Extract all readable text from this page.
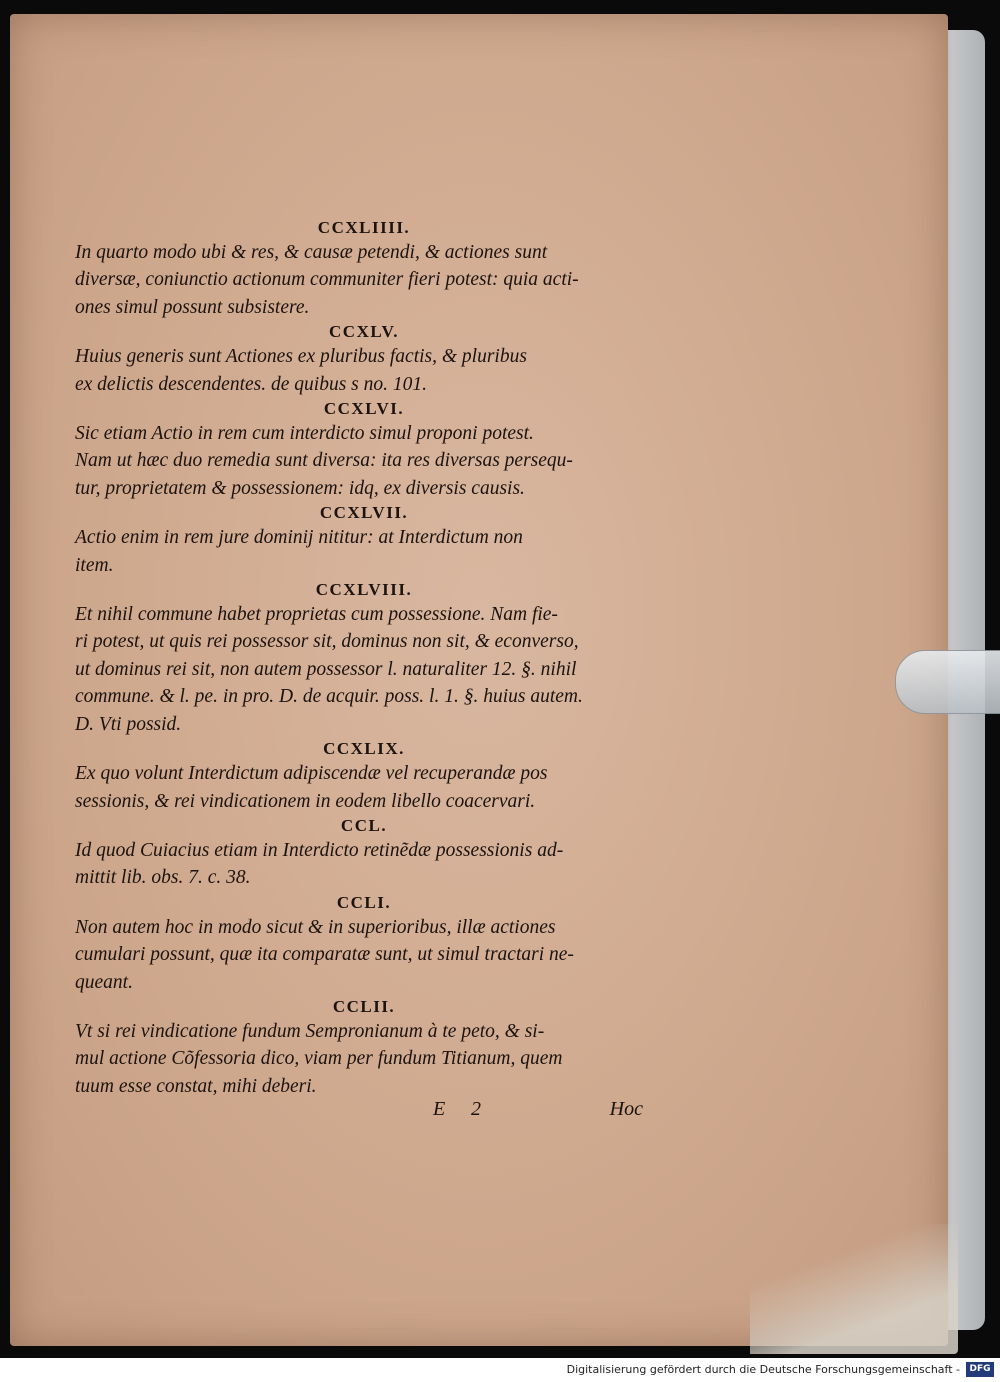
CCXLIIII.
In quarto modo ubi & res, & causæ petendi, & actiones sunt
diversæ, coniunctio actionum communiter fieri potest: quia acti-
ones simul possunt subsistere.
CCXLV.
Huius generis sunt Actiones ex pluribus factis, & pluribus
ex delictis descendentes. de quibus s no. 101.
CCXLVI.
Sic etiam Actio in rem cum interdicto simul proponi potest.
Nam ut hæc duo remedia sunt diversa: ita res diversas persequ-
tur, proprietatem & possessionem: idq, ex diversis causis.
CCXLVII.
Actio enim in rem jure dominij nititur: at Interdictum non
item.
CCXLVIII.
Et nihil commune habet proprietas cum possessione. Nam fie-
ri potest, ut quis rei possessor sit, dominus non sit, & econverso,
ut dominus rei sit, non autem possessor l. naturaliter 12. §. nihil
commune. & l. pe. in pro. D. de acquir. poss. l. 1. §. huius autem.
D. Vti possid.
CCXLIX.
Ex quo volunt Interdictum adipiscendæ vel recuperandæ pos
sessionis, & rei vindicationem in eodem libello coacervari.
CCL.
Id quod Cuiacius etiam in Interdicto retinẽdæ possessionis ad-
mittit lib. obs. 7. c. 38.
CCLI.
Non autem hoc in modo sicut & in superioribus, illæ actiones
cumulari possunt, quæ ita comparatæ sunt, ut simul tractari ne-
queant.
CCLII.
Vt si rei vindicatione fundum Sempronianum à te peto, & si-
mul actione Cõfessoria dico, viam per fundum Titianum, quem
tuum esse constat, mihi deberi.
E 2	Hoc
Digitalisierung gefördert durch die Deutsche Forschungsgemeinschaft -	DFG
